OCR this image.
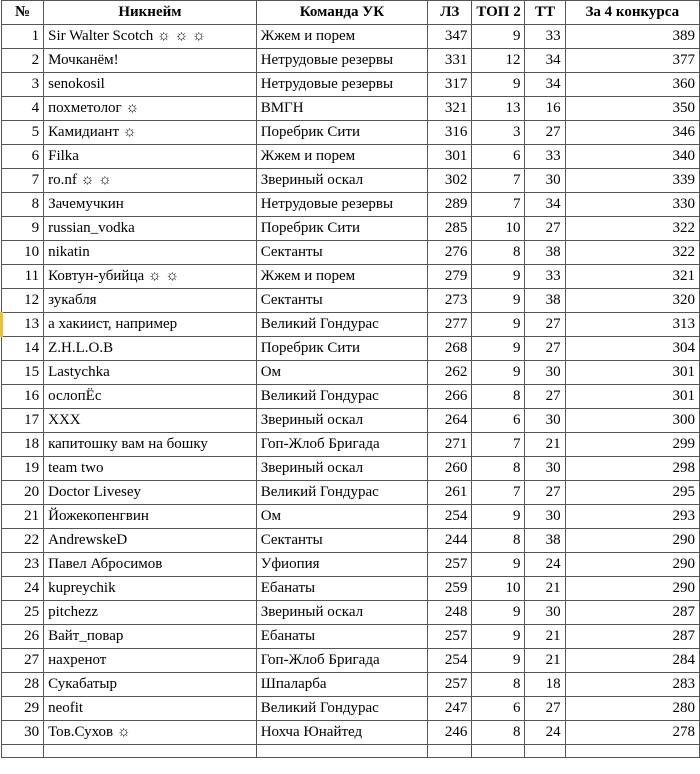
№	Никнейм	Команда УК	ЛЗ	ТОП 2	ТТ	За 4 конкурса
1	Sir Walter Scotch ☼ ☼ ☼	Жжем и порем	347	9	33	389
2	Мочканём!	Нетрудовые резервы	331	12	34	377
3	senokosil	Нетрудовые резервы	317	9	34	360
4	похметолог ☼	ВМГН	321	13	16	350
5	Камидиант ☼	Поребрик Сити	316	3	27	346
6	Filka	Жжем и порем	301	6	33	340
7	ro.nf ☼ ☼	Звериный оскал	302	7	30	339
8	Зачемучкин	Нетрудовые резервы	289	7	34	330
9	russian_vodka	Поребрик Сити	285	10	27	322
10	nikatin	Сектанты	276	8	38	322
11	Ковтун-убийца ☼ ☼	Жжем и порем	279	9	33	321
12	зукабля	Сектанты	273	9	38	320
13	а хакиист, например	Великий Гондурас	277	9	27	313
14	Z.H.L.O.B	Поребрик Сити	268	9	27	304
15	Lastychka	Ом	262	9	30	301
16	ослопЁс	Великий Гондурас	266	8	27	301
17	XXX	Звериный оскал	264	6	30	300
18	капитошку вам на бошку	Гоп-Жлоб Бригада	271	7	21	299
19	team two	Звериный оскал	260	8	30	298
20	Doctor Livesey	Великий Гондурас	261	7	27	295
21	Йожекопенгвин	Ом	254	9	30	293
22	AndrewskeD	Сектанты	244	8	38	290
23	Павел Абросимов	Уфиопия	257	9	24	290
24	kupreychik	Ебанаты	259	10	21	290
25	pitchezz	Звериный оскал	248	9	30	287
26	Вайт_повар	Ебанаты	257	9	21	287
27	нахренот	Гоп-Жлоб Бригада	254	9	21	284
28	Сукабатыр	Шпаларба	257	8	18	283
29	neofit	Великий Гондурас	247	6	27	280
30	Тов.Сухов ☼	Нохча Юнайтед	246	8	24	278
